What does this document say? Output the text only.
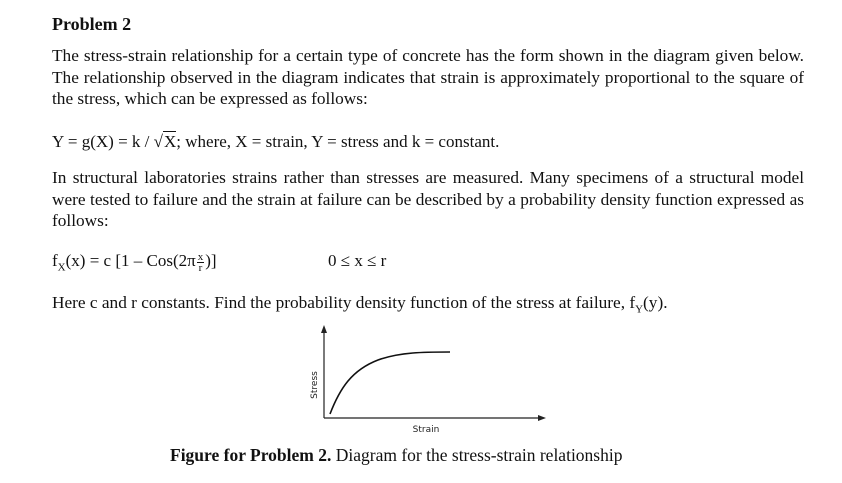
Problem 2
The stress-strain relationship for a certain type of concrete has the form shown in the diagram given below. The relationship observed in the diagram indicates that strain is approximately proportional to the square of the stress, which can be expressed as follows:
Y = g(X) = k / √X; where, X = strain, Y = stress and k = constant.
In structural laboratories strains rather than stresses are measured. Many specimens of a structural model were tested to failure and the strain at failure can be described by a probability density function expressed as follows:
$f_X(x) = c$ [$1 - Cos(2\pi \frac{x}{r}$ )]	0 ≤ x ≤ r
Here c and r constants. Find the probability density function of the stress at failure, $f_Y(y)$.
Stress
Strain
Figure for Problem 2. Diagram for the stress-strain relationship
